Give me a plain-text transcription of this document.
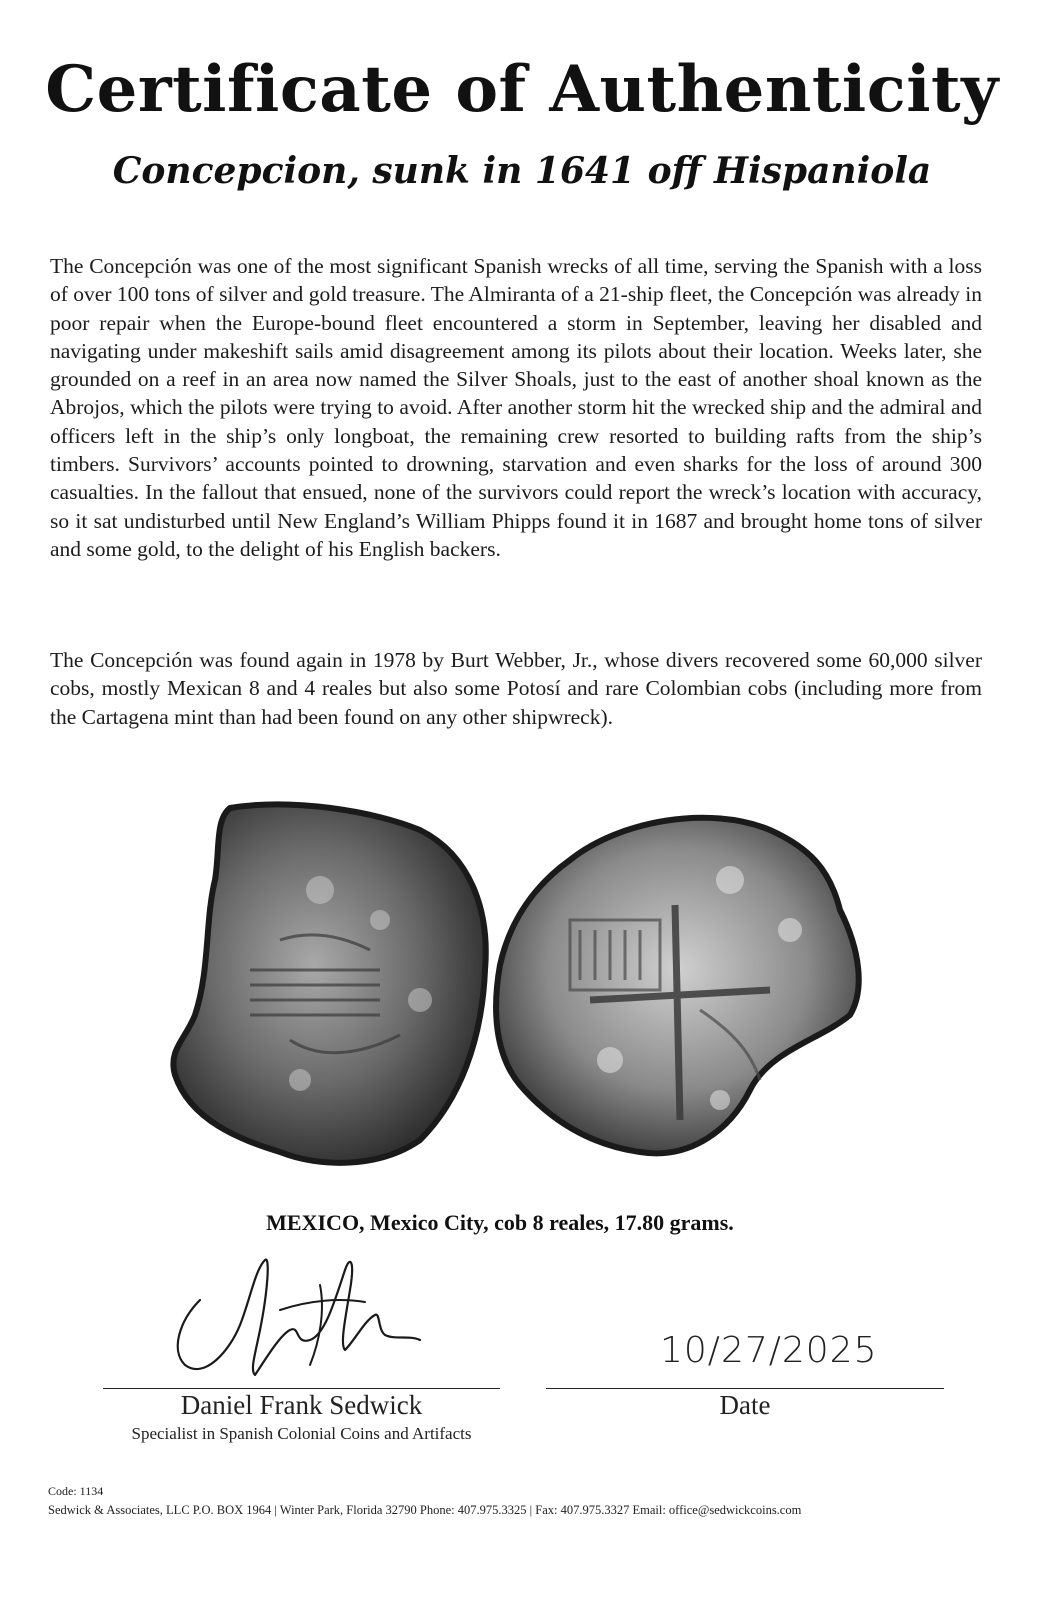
Certificate of Authenticity
Concepcion, sunk in 1641 off Hispaniola

The Concepción was one of the most significant Spanish wrecks of all time, serving the Spanish with a loss of over 100 tons of silver and gold treasure. The Almiranta of a 21-ship fleet, the Concepción was already in poor repair when the Europe-bound fleet encountered a storm in September, leaving her disabled and navigating under makeshift sails amid disagreement among its pilots about their location. Weeks later, she grounded on a reef in an area now named the Silver Shoals, just to the east of another shoal known as the Abrojos, which the pilots were trying to avoid. After another storm hit the wrecked ship and the admiral and officers left in the ship’s only longboat, the remaining crew resorted to building rafts from the ship’s timbers. Survivors’ accounts pointed to drowning, starvation and even sharks for the loss of around 300 casualties. In the fallout that ensued, none of the survivors could report the wreck’s location with accuracy, so it sat undisturbed until New England’s William Phipps found it in 1687 and brought home tons of silver and some gold, to the delight of his English backers.

The Concepción was found again in 1978 by Burt Webber, Jr., whose divers recovered some 60,000 silver cobs, mostly Mexican 8 and 4 reales but also some Potosí and rare Colombian cobs (including more from the Cartagena mint than had been found on any other shipwreck).

MEXICO, Mexico City, cob 8 reales, 17.80 grams.
10/27/2025
Daniel Frank Sedwick
Specialist in Spanish Colonial Coins and Artifacts
Date
Code: 1134
Sedwick & Associates, LLC P.O. BOX 1964 | Winter Park, Florida 32790 Phone: 407.975.3325 | Fax: 407.975.3327 Email: office@sedwickcoins.com
